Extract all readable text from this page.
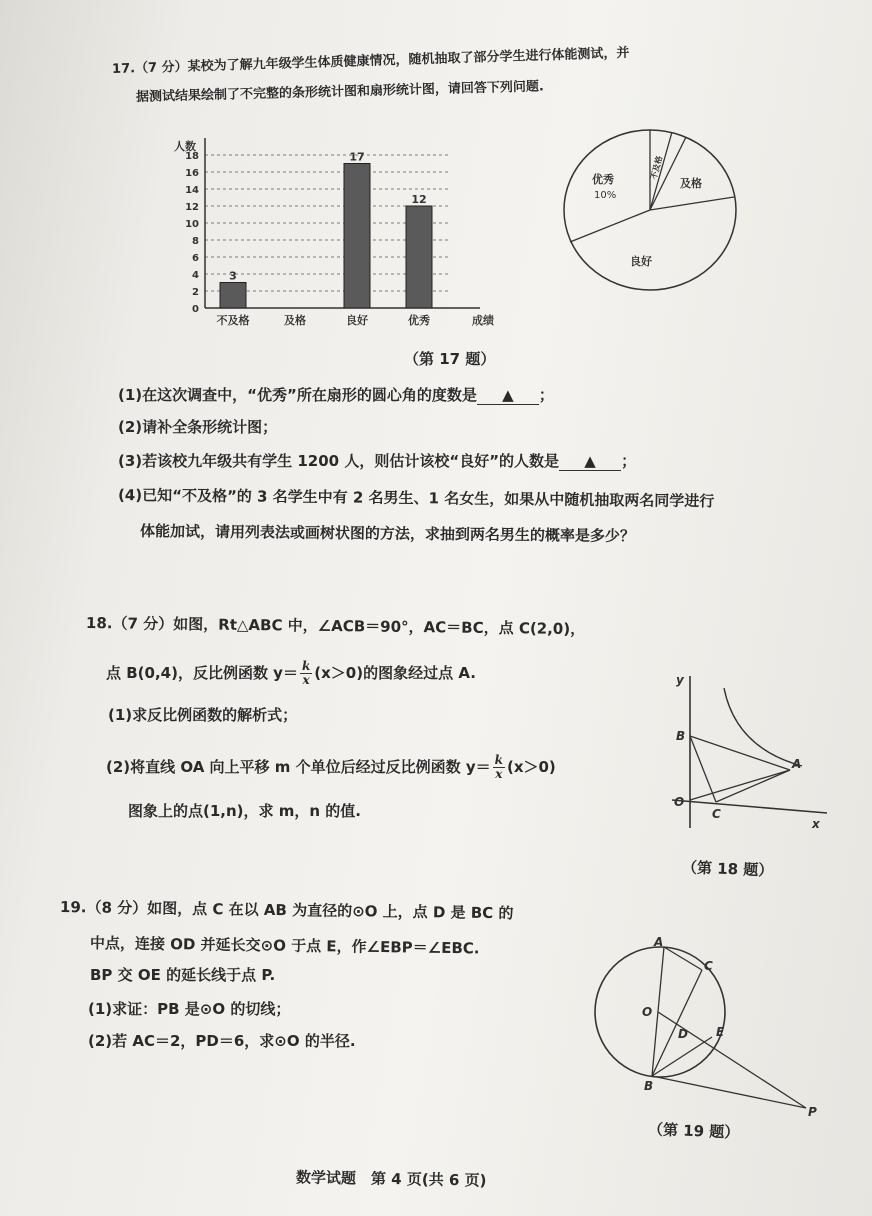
17.（7 分）某校为了解九年级学生体质健康情况，随机抽取了部分学生进行体能测试，并
据测试结果绘制了不完整的条形统计图和扇形统计图，请回答下列问题.
人数
0
2
4
6
8
10
12
14
16
18
3
17
12
不及格	及格	良好	优秀	成绩
优秀
10%
不及格
及格
良好
（第 17 题）
(1)在这次调查中，“优秀”所在扇形的圆心角的度数是 ▲ ；
(2)请补全条形统计图；
(3)若该校九年级共有学生 1200 人，则估计该校“良好”的人数是 ▲ ；
(4)已知“不及格”的 3 名学生中有 2 名男生、1 名女生，如果从中随机抽取两名同学进行
体能加试，请用列表法或画树状图的方法，求抽到两名男生的概率是多少？
18.（7 分）如图，Rt△ABC 中，∠ACB＝90°，AC＝BC，点 C(2,0)，
点 B(0,4)，反比例函数 $y= \frac{k}{x} (x>0)$的图象经过点 A.
(1)求反比例函数的解析式；
(2)将直线 OA 向上平移 m 个单位后经过反比例函数 $y= \frac{k}{x} (x>0)$
图象上的点(1,n)，求 m，n 的值.
y
B
A
O
C
x
（第 18 题）
19.（8 分）如图，点 C 在以 AB 为直径的⊙O 上，点 D 是 BC 的
中点，连接 OD 并延长交⊙O 于点 E，作∠EBP＝∠EBC.
BP 交 OE 的延长线于点 P.
(1)求证：PB 是⊙O 的切线；
(2)若 AC＝2，PD＝6，求⊙O 的半径.
A
C
O
D E
B
P
（第 19 题）
数学试题　第 4 页(共 6 页)
